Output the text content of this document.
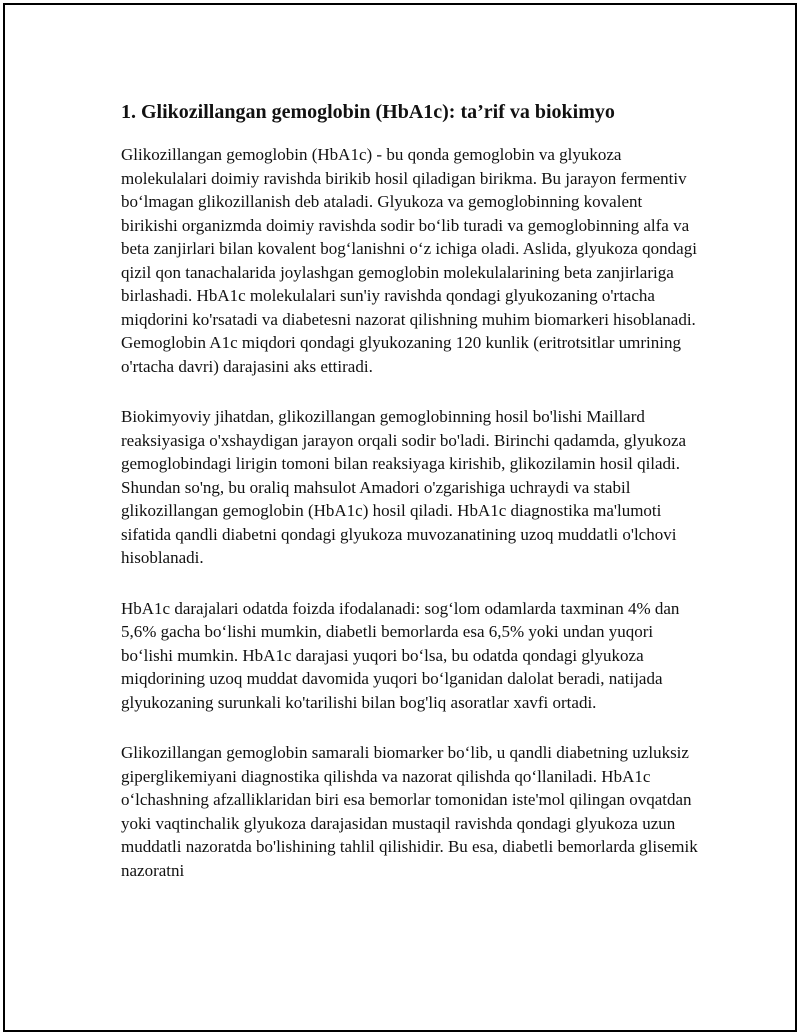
1. Glikozillangan gemoglobin (HbA1c): ta’rif va biokimyo

Glikozillangan gemoglobin (HbA1c) - bu qonda gemoglobin va glyukoza molekulalari doimiy ravishda birikib hosil qiladigan birikma. Bu jarayon fermentiv bo‘lmagan glikozillanish deb ataladi. Glyukoza va gemoglobinning kovalent birikishi organizmda doimiy ravishda sodir bo‘lib turadi va gemoglobinning alfa va beta zanjirlari bilan kovalent bog‘lanishni o‘z ichiga oladi. Aslida, glyukoza qondagi qizil qon tanachalarida joylashgan gemoglobin molekulalarining beta zanjirlariga birlashadi. HbA1c molekulalari sun'iy ravishda qondagi glyukozaning o'rtacha miqdorini ko'rsatadi va diabetesni nazorat qilishning muhim biomarkeri hisoblanadi. Gemoglobin A1c miqdori qondagi glyukozaning 120 kunlik (eritrotsitlar umrining o'rtacha davri) darajasini aks ettiradi.

Biokimyoviy jihatdan, glikozillangan gemoglobinning hosil bo'lishi Maillard reaksiyasiga o'xshaydigan jarayon orqali sodir bo'ladi. Birinchi qadamda, glyukoza gemoglobindagi lirigin tomoni bilan reaksiyaga kirishib, glikozilamin hosil qiladi. Shundan so'ng, bu oraliq mahsulot Amadori o'zgarishiga uchraydi va stabil glikozillangan gemoglobin (HbA1c) hosil qiladi. HbA1c diagnostika ma'lumoti sifatida qandli diabetni qondagi glyukoza muvozanatining uzoq muddatli o'lchovi hisoblanadi.

HbA1c darajalari odatda foizda ifodalanadi: sog‘lom odamlarda taxminan 4% dan 5,6% gacha bo‘lishi mumkin, diabetli bemorlarda esa 6,5% yoki undan yuqori bo‘lishi mumkin. HbA1c darajasi yuqori bo‘lsa, bu odatda qondagi glyukoza miqdorining uzoq muddat davomida yuqori bo‘lganidan dalolat beradi, natijada glyukozaning surunkali ko'tarilishi bilan bog'liq asoratlar xavfi ortadi.

Glikozillangan gemoglobin samarali biomarker bo‘lib, u qandli diabetning uzluksiz giperglikemiyani diagnostika qilishda va nazorat qilishda qo‘llaniladi. HbA1c o‘lchashning afzalliklaridan biri esa bemorlar tomonidan iste'mol qilingan ovqatdan yoki vaqtinchalik glyukoza darajasidan mustaqil ravishda qondagi glyukoza uzun muddatli nazoratda bo'lishining tahlil qilishidir. Bu esa, diabetli bemorlarda glisemik nazoratni
